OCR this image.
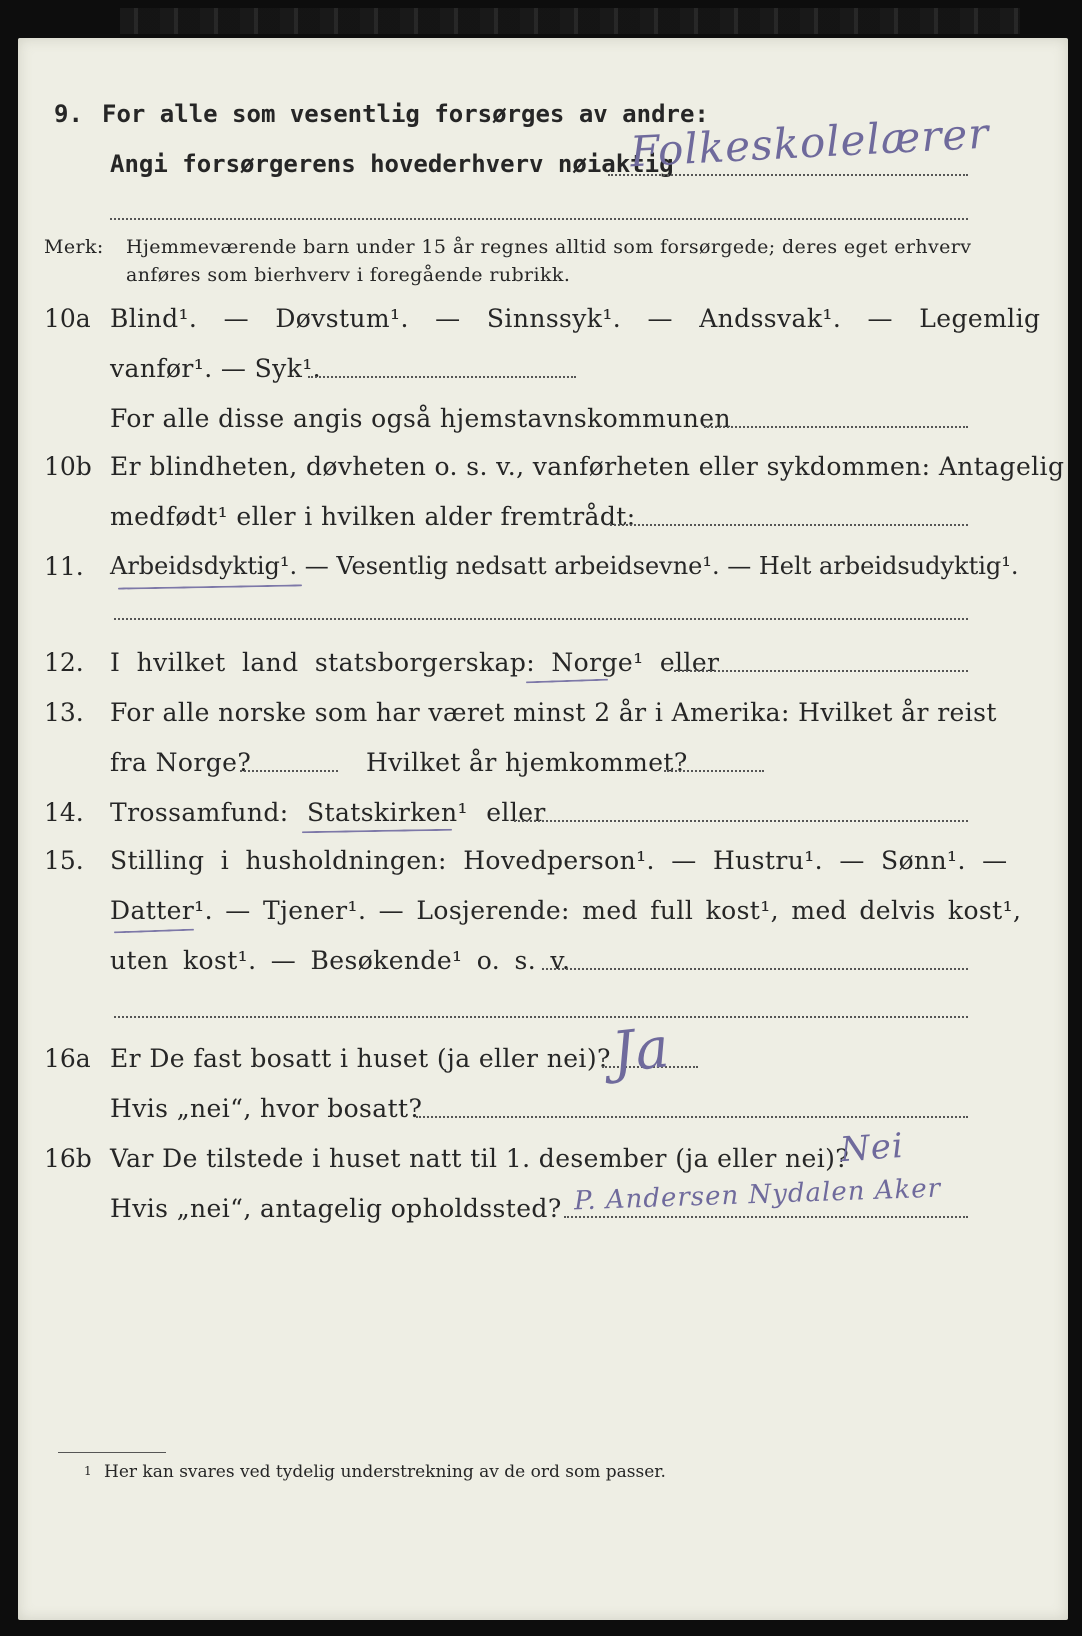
9. For alle som vesentlig forsørges av andre:
Angi forsørgerens hovederhverv nøiaktig
Folkeskolelærer
Merk: Hjemmeværende barn under 15 år regnes alltid som forsørgede; deres eget erhverv
anføres som bierhverv i foregående rubrikk.
10a Blind¹. — Døvstum¹. — Sinnssyk¹. — Andssvak¹. — Legemlig
vanfør¹. — Syk¹.
For alle disse angis også hjemstavnskommunen
10b Er blindheten, døvheten o. s. v., vanførheten eller sykdommen: Antagelig
medfødt¹ eller i hvilken alder fremtrådt:
11. Arbeidsdyktig¹. — Vesentlig nedsatt arbeidsevne¹. — Helt arbeidsudyktig¹.
12. I hvilket land statsborgerskap: Norge¹ eller
13. For alle norske som har været minst 2 år i Amerika: Hvilket år reist
fra Norge?	Hvilket år hjemkommet?
14. Trossamfund: Statskirken¹ eller
15. Stilling i husholdningen: Hovedperson¹. — Hustru¹. — Sønn¹. —
Datter¹. — Tjener¹. — Losjerende: med full kost¹, med delvis kost¹,
uten kost¹. — Besøkende¹ o. s. v.
16a Er De fast bosatt i huset (ja eller nei)?
Ja
Hvis „nei“, hvor bosatt?
16b Var De tilstede i huset natt til 1. desember (ja eller nei)?
Nei
Hvis „nei“, antagelig opholdssted? P. Andersen Nydalen Aker
1 Her kan svares ved tydelig understrekning av de ord som passer.
